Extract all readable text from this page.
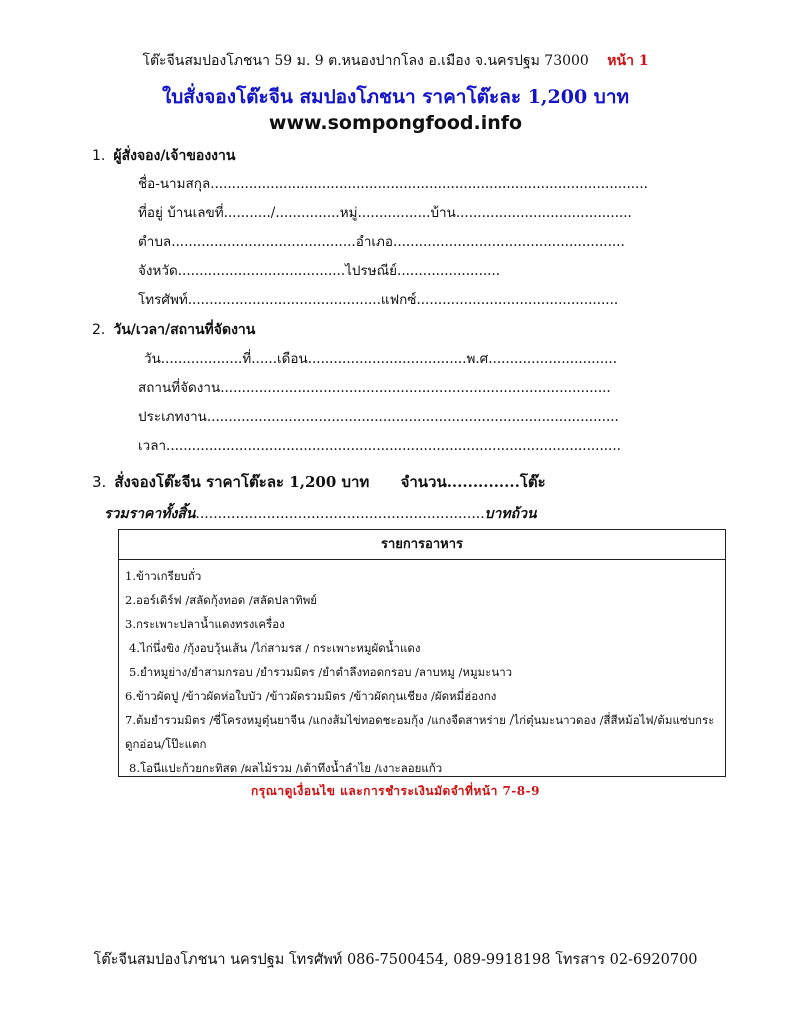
โต๊ะจีนสมปองโภชนา 59 ม. 9 ต.หนองปากโลง อ.เมือง จ.นครปฐม 73000 หน้า 1
ใบสั่งจองโต๊ะจีน สมปองโภชนา ราคาโต๊ะละ 1,200 บาท
www.sompongfood.info
1. ผู้สั่งจอง/เจ้าของงาน
ชื่อ-นามสกุล......................................................................................................
ที่อยู่ บ้านเลขที่.........../...............หมู่.................บ้าน.........................................
ตำบล...........................................อำเภอ......................................................
จังหวัด.......................................ไปรษณีย์........................
โทรศัพท์.............................................แฟกซ์...............................................
2. วัน/เวลา/สถานที่จัดงาน
วัน...................ที่......เดือน.....................................พ.ศ..............................
สถานที่จัดงาน...........................................................................................
ประเภทงาน................................................................................................
เวลา..........................................................................................................
3. สั่งจองโต๊ะจีน ราคาโต๊ะละ 1,200 บาท จำนวน..............โต๊ะ
รวมราคาทั้งสิ้น.................................................................บาทถ้วน
รายการอาหาร
1.ข้าวเกรียบถั่ว
2.ออร์เดิร์ฟ /สลัดกุ้งทอด /สลัดปลาทิพย์
3.กระเพาะปลาน้ำแดงทรงเครื่อง
4.ไก่นึ่งขิง /กุ้งอบวุ้นเส้น /ไก่สามรส / กระเพาะหมูผัดน้ำแดง
5.ยำหมูย่าง/ยำสามกรอบ /ยำรวมมิตร /ยำตำลึงทอดกรอบ /ลาบหมู /หมูมะนาว
6.ข้าวผัดปู /ข้าวผัดห่อใบบัว /ข้าวผัดรวมมิตร /ข้าวผัดกุนเชียง /ผัดหมี่ฮ่องกง
7.ต้มยำรวมมิตร /ซี่โครงหมูตุ๋นยาจีน /แกงส้มไข่ทอดชะอมกุ้ง /แกงจืดสาหร่าย /ไก่ตุ๋นมะนาวดอง /สี่สีหม้อไฟ/ต้มแซ่บกระดูกอ่อน/โป๊ะแตก
8.โอนีแปะก้วยกะทิสด /ผลไม้รวม /เต้าทึงน้ำลำไย /เงาะลอยแก้ว
กรุณาดูเงื่อนไข และการชำระเงินมัดจำที่หน้า 7-8-9
โต๊ะจีนสมปองโภชนา นครปฐม โทรศัพท์ 086-7500454, 089-9918198 โทรสาร 02-6920700
